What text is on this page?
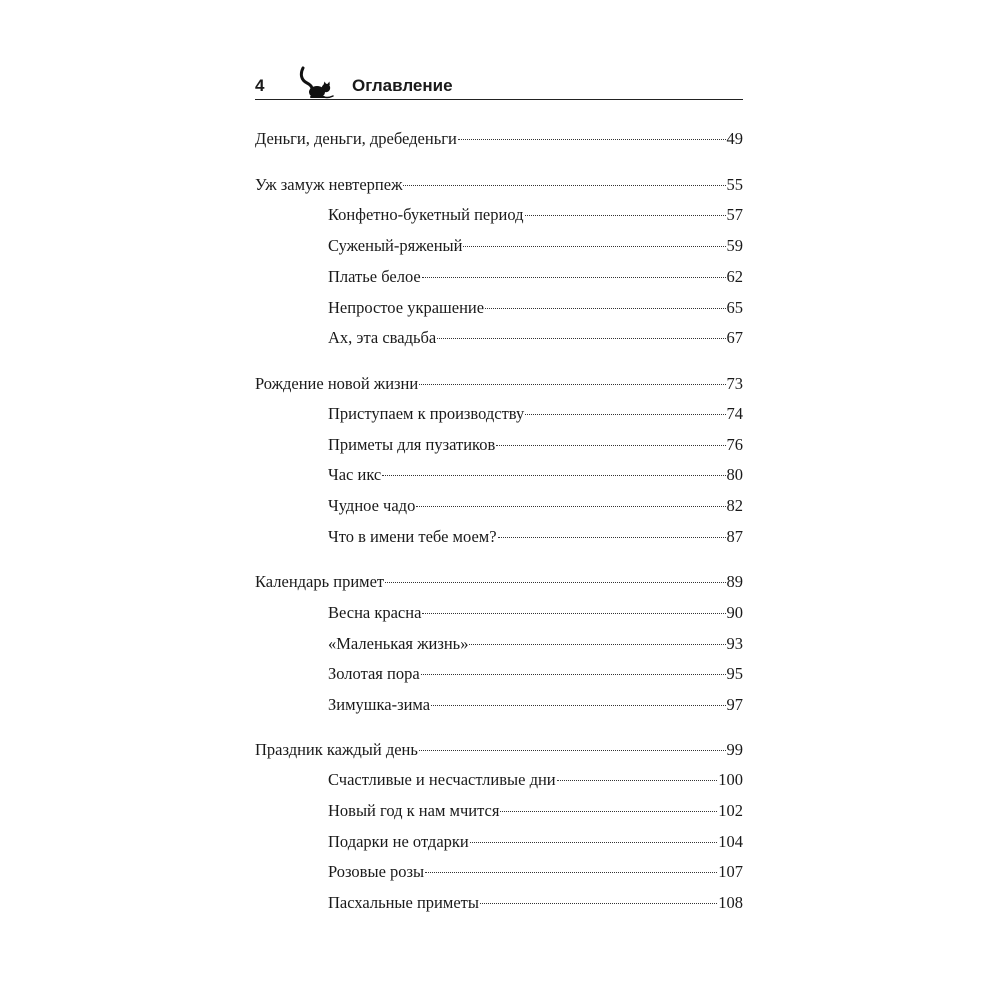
4	Оглавление
Деньги, деньги, дребеденьги	49
Уж замуж невтерпеж	55
Конфетно-букетный период	57
Суженый-ряженый	59
Платье белое	62
Непростое украшение	65
Ах, эта свадьба	67
Рождение новой жизни	73
Приступаем к производству	74
Приметы для пузатиков	76
Час икс	80
Чудное чадо	82
Что в имени тебе моем?	87
Календарь примет	89
Весна красна	90
«Маленькая жизнь»	93
Золотая пора	95
Зимушка-зима	97
Праздник каждый день	99
Счастливые и несчастливые дни	100
Новый год к нам мчится	102
Подарки не отдарки	104
Розовые розы	107
Пасхальные приметы	108
